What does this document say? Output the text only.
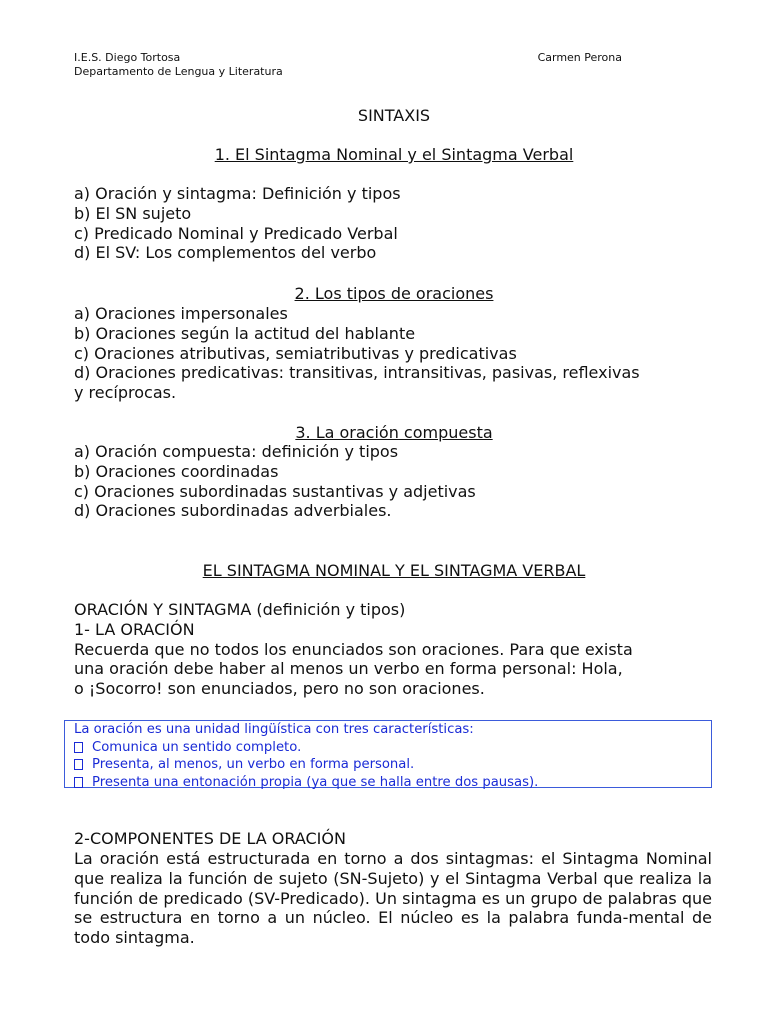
I.E.S. Diego Tortosa
Departamento de Lengua y Literatura
Carmen Perona
SINTAXIS
1. El Sintagma Nominal y el Sintagma Verbal
a) Oración y sintagma: Definición y tipos
b) El SN sujeto
c) Predicado Nominal y Predicado Verbal
d) El SV: Los complementos del verbo
2. Los tipos de oraciones
a) Oraciones impersonales
b) Oraciones según la actitud del hablante
c) Oraciones atributivas, semiatributivas y predicativas
d) Oraciones predicativas: transitivas, intransitivas, pasivas, reflexivas
y recíprocas.
3. La oración compuesta
a) Oración compuesta: definición y tipos
b) Oraciones coordinadas
c) Oraciones subordinadas sustantivas y adjetivas
d) Oraciones subordinadas adverbiales.
EL SINTAGMA NOMINAL Y EL SINTAGMA VERBAL
ORACIÓN Y SINTAGMA (definición y tipos)
1- LA ORACIÓN
Recuerda que no todos los enunciados son oraciones. Para que exista
una oración debe haber al menos un verbo en forma personal: Hola,
o ¡Socorro! son enunciados, pero no son oraciones.
La oración es una unidad lingüística con tres características:
Comunica un sentido completo.
Presenta, al menos, un verbo en forma personal.
Presenta una entonación propia (ya que se halla entre dos pausas).
2-COMPONENTES DE LA ORACIÓN
La oración está estructurada en torno a dos sintagmas: el Sintagma Nominal que realiza la función de sujeto (SN-Sujeto) y el Sintagma Verbal que realiza la función de predicado (SV-Predicado). Un sintagma es un grupo de palabras que se estructura en torno a un núcleo. El núcleo es la palabra funda-mental de todo sintagma.
